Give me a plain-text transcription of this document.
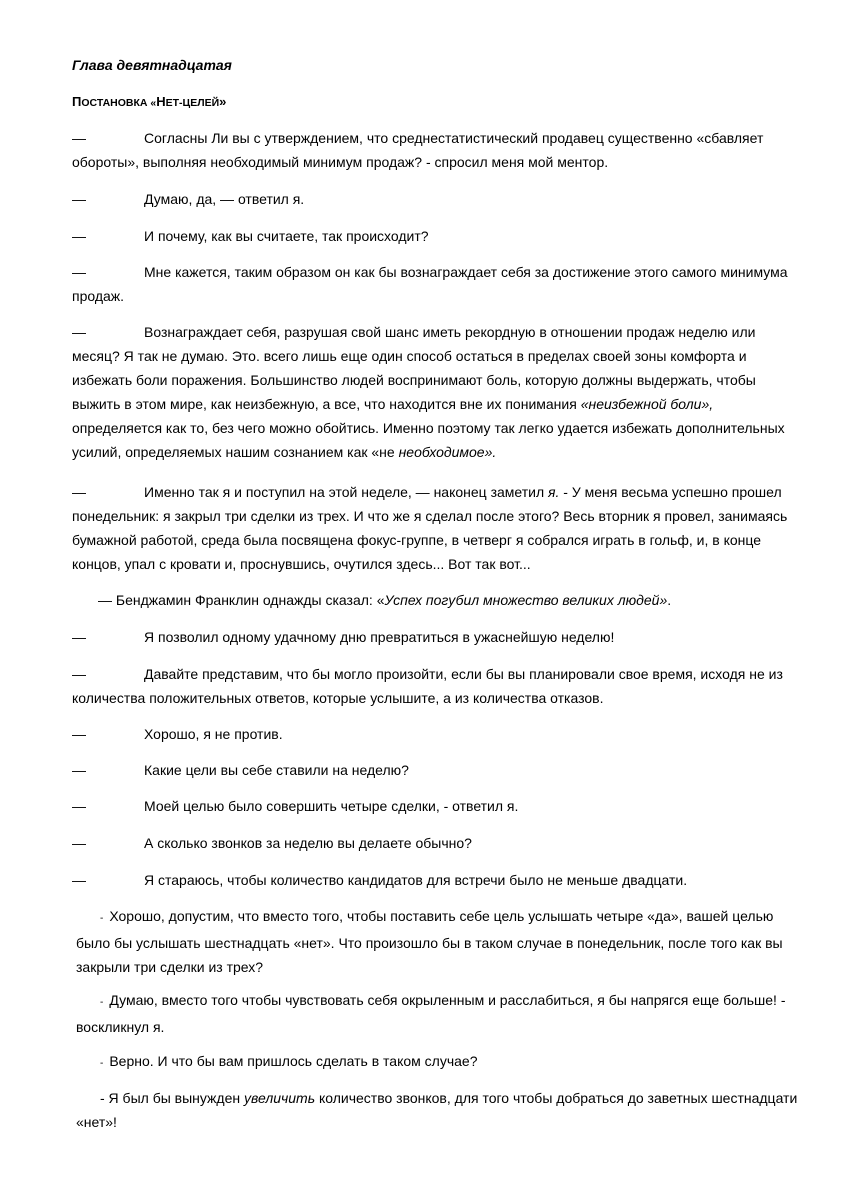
Глава девятнадцатая

ПОСТАНОВКА «НЕТ-ЦЕЛЕЙ»

—	Согласны Ли вы с утверждением, что среднестатистический продавец существенно «сбавляет обороты», выполняя необходимый минимум продаж? - спросил меня мой ментор.

—	Думаю, да, — ответил я.

—	И почему, как вы считаете, так происходит?

—	Мне кажется, таким образом он как бы вознаграждает себя за достижение этого самого минимума продаж.

—	Вознаграждает себя, разрушая свой шанс иметь рекордную в отношении продаж неделю или месяц? Я так не думаю. Это. всего лишь еще один способ остаться в пределах своей зоны комфорта и избежать боли поражения. Большинство людей воспринимают боль, которую должны выдержать, чтобы выжить в этом мире, как неизбежную, а все, что находится вне их понимания «неизбежной боли», определяется как то, без чего можно обойтись. Именно поэтому так легко удается избежать дополнительных усилий, определяемых нашим сознанием как «не необходимое».

—	Именно так я и поступил на этой неделе, — наконец заметил я. - У меня весьма успешно прошел понедельник: я закрыл три сделки из трех. И что же я сделал после этого? Весь вторник я провел, занимаясь бумажной работой, среда была посвящена фокус-группе, в четверг я собрался играть в гольф, и, в конце концов, упал с кровати и, проснувшись, очутился здесь... Вот так вот...

— Бенджамин Франклин однажды сказал: «Успех погубил множество великих людей».

—	Я позволил одному удачному дню превратиться в ужаснейшую неделю!

—	Давайте представим, что бы могло произойти, если бы вы планировали свое время, исходя не из количества положительных ответов, которые услышите, а из количества отказов.

—	Хорошо, я не против.

—	Какие цели вы себе ставили на неделю?

—	Моей целью было совершить четыре сделки, - ответил я.

—	А сколько звонков за неделю вы делаете обычно?

—	Я стараюсь, чтобы количество кандидатов для встречи было не меньше двадцати.

- Хорошо, допустим, что вместо того, чтобы поставить себе цель услышать четыре «да», вашей целью было бы услышать шестнадцать «нет». Что произошло бы в таком случае в понедельник, после того как вы закрыли три сделки из трех?

- Думаю, вместо того чтобы чувствовать себя окрыленным и расслабиться, я бы напрягся еще больше! - воскликнул я.

- Верно. И что бы вам пришлось сделать в таком случае?

- Я был бы вынужден увеличить количество звонков, для того чтобы добраться до заветных шестнадцати «нет»!
